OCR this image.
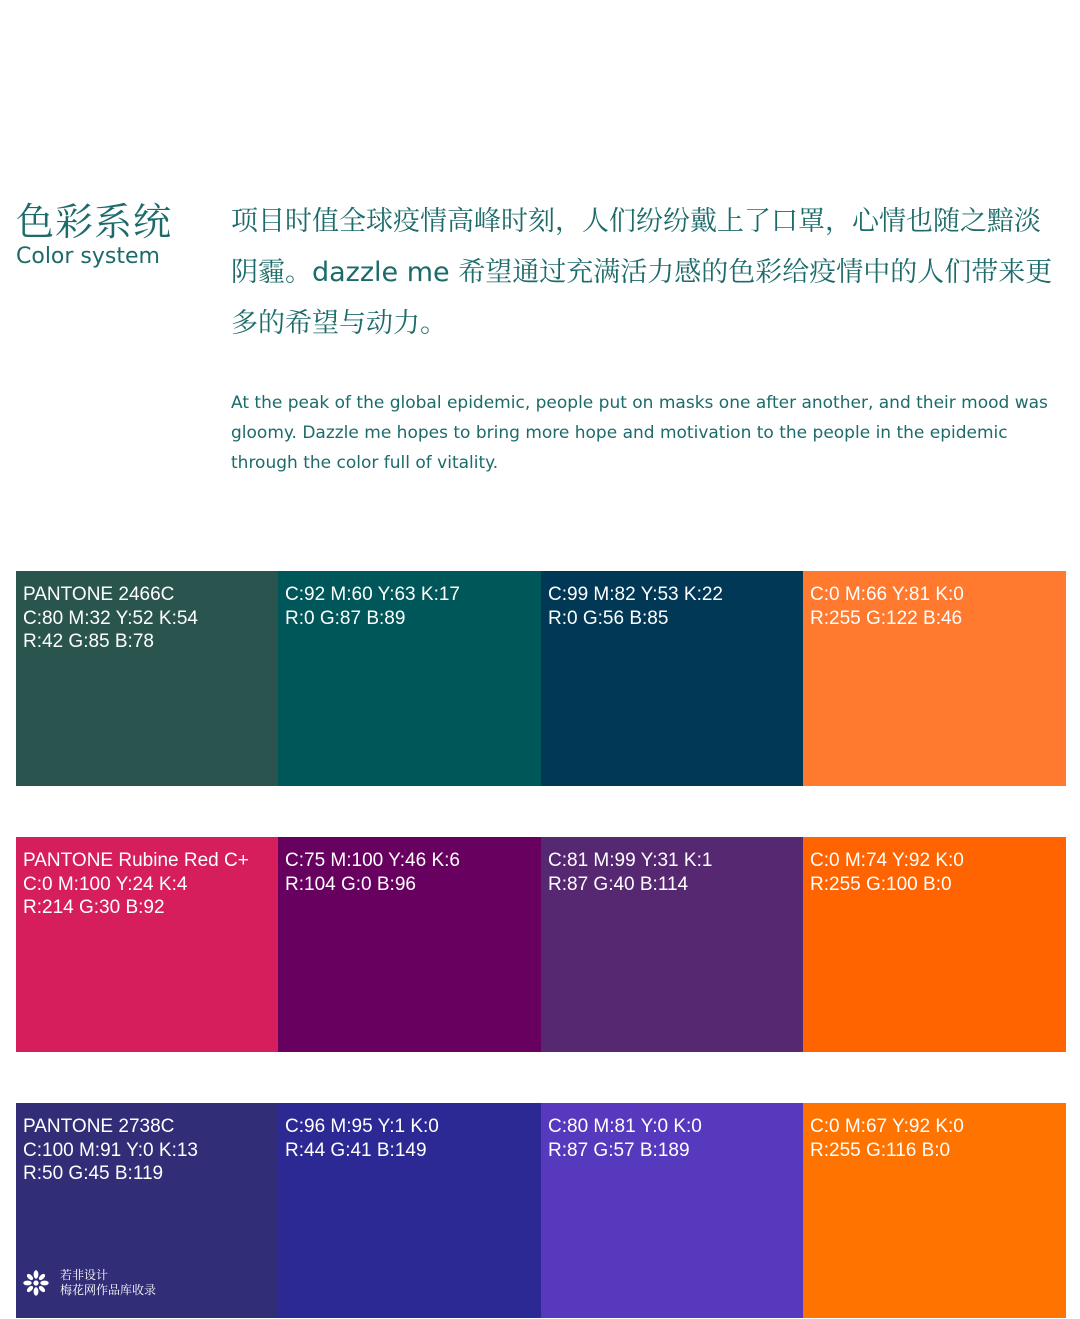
色彩系统
Color system
项目时值全球疫情高峰时刻，人们纷纷戴上了口罩，心情也随之黯淡阴霾。dazzle me 希望通过充满活力感的色彩给疫情中的人们带来更多的希望与动力。
At the peak of the global epidemic, people put on masks one after another, and their mood was gloomy. Dazzle me hopes to bring more hope and motivation to the people in the epidemic through the color full of vitality.
PANTONE 2466C
C:80 M:32 Y:52 K:54
R:42 G:85 B:78
C:92 M:60 Y:63 K:17
R:0 G:87 B:89
C:99 M:82 Y:53 K:22
R:0 G:56 B:85
C:0 M:66 Y:81 K:0
R:255 G:122 B:46
PANTONE Rubine Red C+
C:0 M:100 Y:24 K:4
R:214 G:30 B:92
C:75 M:100 Y:46 K:6
R:104 G:0 B:96
C:81 M:99 Y:31 K:1
R:87 G:40 B:114
C:0 M:74 Y:92 K:0
R:255 G:100 B:0
PANTONE 2738C
C:100 M:91 Y:0 K:13
R:50 G:45 B:119
C:96 M:95 Y:1 K:0
R:44 G:41 B:149
C:80 M:81 Y:0 K:0
R:87 G:57 B:189
C:0 M:67 Y:92 K:0
R:255 G:116 B:0
若非设计
梅花网作品库收录
